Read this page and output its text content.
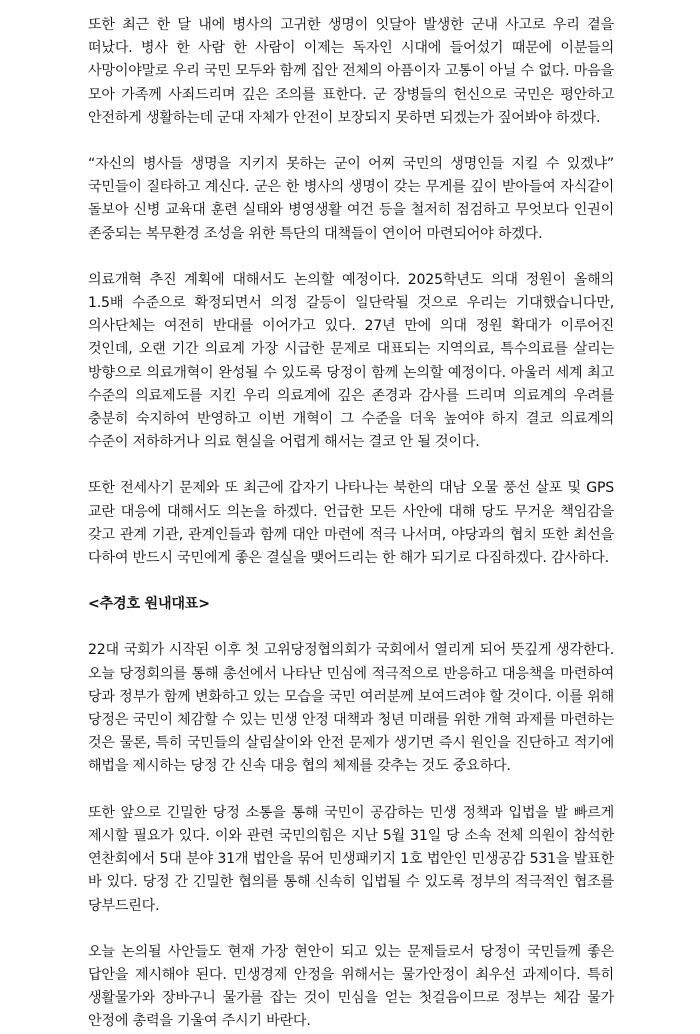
또한 최근 한 달 내에 병사의 고귀한 생명이 잇달아 발생한 군내 사고로 우리 곁을 떠났다. 병사 한 사람 한 사람이 이제는 독자인 시대에 들어섰기 때문에 이분들의 사망이야말로 우리 국민 모두와 함께 집안 전체의 아픔이자 고통이 아닐 수 없다. 마음을 모아 가족께 사죄드리며 깊은 조의를 표한다. 군 장병들의 헌신으로 국민은 평안하고 안전하게 생활하는데 군대 자체가 안전이 보장되지 못하면 되겠는가 짚어봐야 하겠다.

“자신의 병사들 생명을 지키지 못하는 군이 어찌 국민의 생명인들 지킬 수 있겠냐” 국민들이 질타하고 계신다. 군은 한 병사의 생명이 갖는 무게를 깊이 받아들여 자식같이 돌보아 신병 교육대 훈련 실태와 병영생활 여건 등을 철저히 점검하고 무엇보다 인권이 존중되는 복무환경 조성을 위한 특단의 대책들이 연이어 마련되어야 하겠다.

의료개혁 추진 계획에 대해서도 논의할 예정이다. 2025학년도 의대 정원이 올해의 1.5배 수준으로 확정되면서 의정 갈등이 일단락될 것으로 우리는 기대했습니다만, 의사단체는 여전히 반대를 이어가고 있다. 27년 만에 의대 정원 확대가 이루어진 것인데, 오랜 기간 의료계 가장 시급한 문제로 대표되는 지역의료, 특수의료를 살리는 방향으로 의료개혁이 완성될 수 있도록 당정이 함께 논의할 예정이다. 아울러 세계 최고 수준의 의료제도를 지킨 우리 의료계에 깊은 존경과 감사를 드리며 의료계의 우려를 충분히 숙지하여 반영하고 이번 개혁이 그 수준을 더욱 높여야 하지 결코 의료계의 수준이 저하하거나 의료 현실을 어렵게 해서는 결코 안 될 것이다.

또한 전세사기 문제와 또 최근에 갑자기 나타나는 북한의 대남 오물 풍선 살포 및 GPS 교란 대응에 대해서도 의논을 하겠다. 언급한 모든 사안에 대해 당도 무거운 책임감을 갖고 관계 기관, 관계인들과 함께 대안 마련에 적극 나서며, 야당과의 협치 또한 최선을 다하여 반드시 국민에게 좋은 결실을 맺어드리는 한 해가 되기로 다짐하겠다. 감사하다.

<추경호 원내대표>

22대 국회가 시작된 이후 첫 고위당정협의회가 국회에서 열리게 되어 뜻깊게 생각한다. 오늘 당정회의를 통해 총선에서 나타난 민심에 적극적으로 반응하고 대응책을 마련하여 당과 정부가 함께 변화하고 있는 모습을 국민 여러분께 보여드려야 할 것이다. 이를 위해 당정은 국민이 체감할 수 있는 민생 안정 대책과 청년 미래를 위한 개혁 과제를 마련하는 것은 물론, 특히 국민들의 살림살이와 안전 문제가 생기면 즉시 원인을 진단하고 적기에 해법을 제시하는 당정 간 신속 대응 협의 체제를 갖추는 것도 중요하다.

또한 앞으로 긴밀한 당정 소통을 통해 국민이 공감하는 민생 정책과 입법을 발 빠르게 제시할 필요가 있다. 이와 관련 국민의힘은 지난 5월 31일 당 소속 전체 의원이 참석한 연찬회에서 5대 분야 31개 법안을 묶어 민생패키지 1호 법안인 민생공감 531을 발표한 바 있다. 당정 간 긴밀한 협의를 통해 신속히 입법될 수 있도록 정부의 적극적인 협조를 당부드린다.

오늘 논의될 사안들도 현재 가장 현안이 되고 있는 문제들로서 당정이 국민들께 좋은 답안을 제시해야 된다. 민생경제 안정을 위해서는 물가안정이 최우선 과제이다. 특히 생활물가와 장바구니 물가를 잡는 것이 민심을 얻는 첫걸음이므로 정부는 체감 물가 안정에 총력을 기울여 주시기 바란다.
